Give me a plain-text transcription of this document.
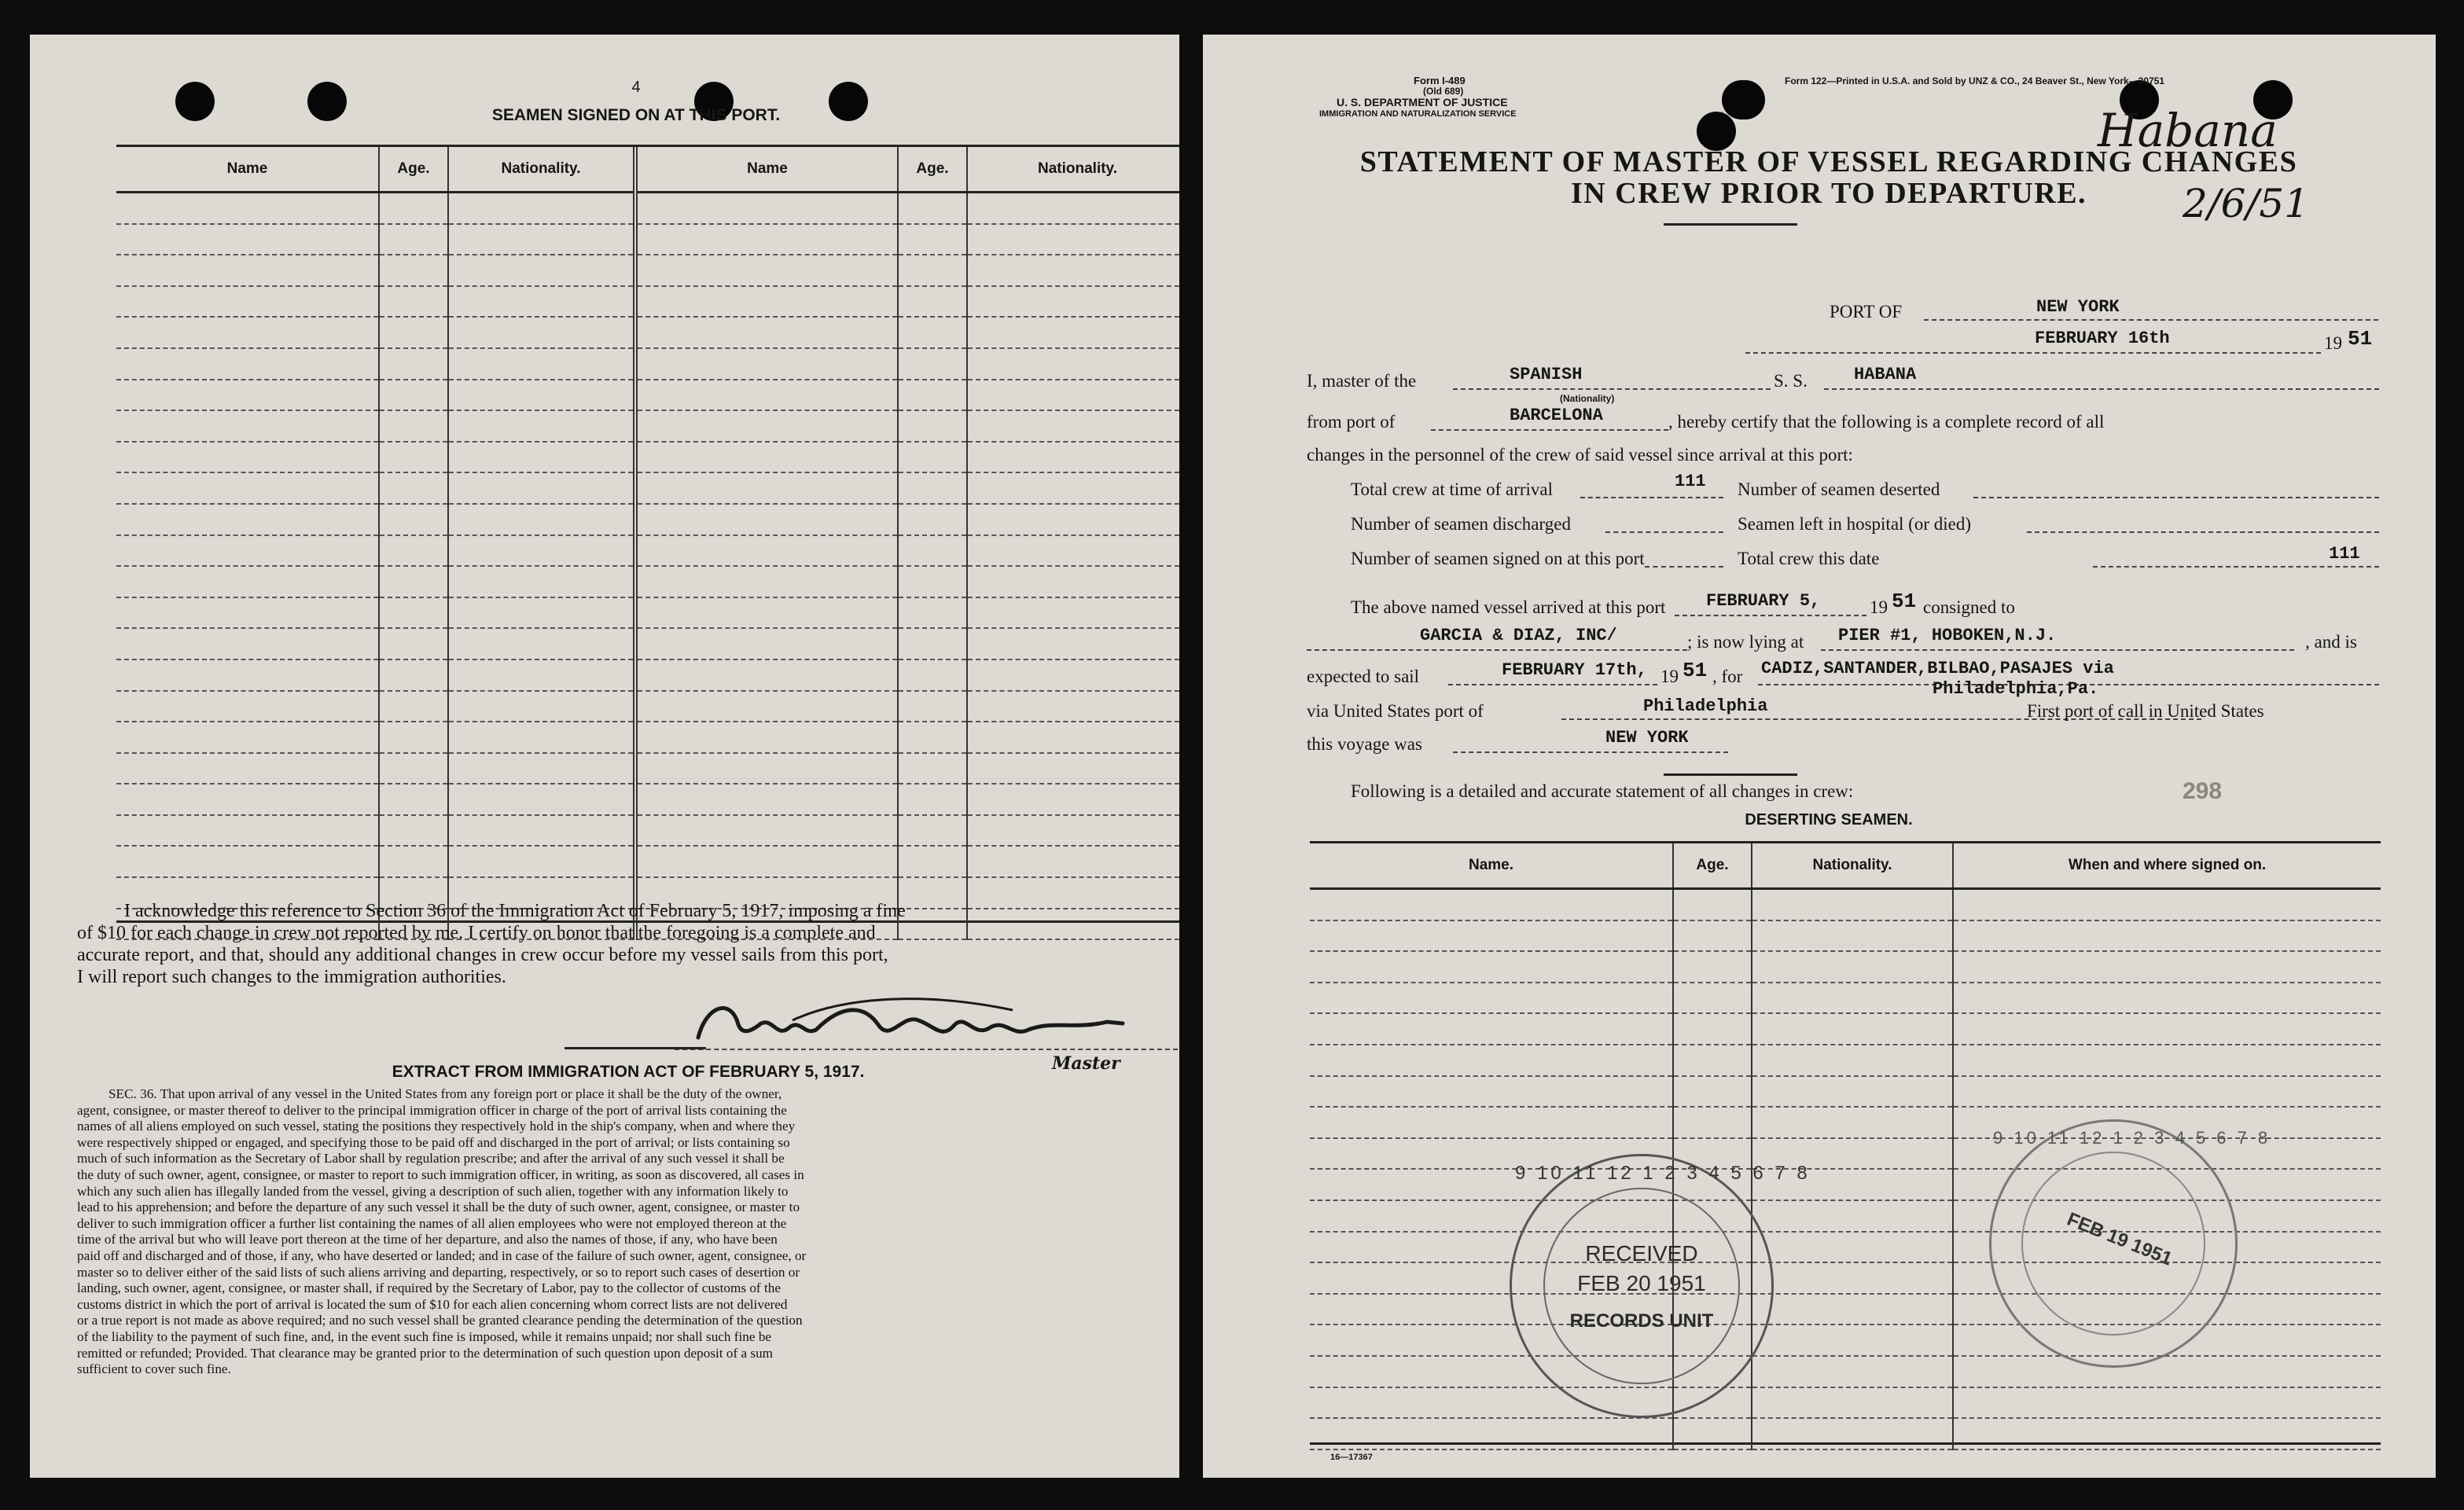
4
SEAMEN SIGNED ON AT THIS PORT.
Name	Age.	Nationality.	Name	Age.	Nationality.

I acknowledge this reference to Section 36 of the Immigration Act of February 5, 1917, imposing a fine
of $10 for each change in crew not reported by me. I certify on honor that the foregoing is a complete and
accurate report, and that, should any additional changes in crew occur before my vessel sails from this port,
I will report such changes to the immigration authorities.
Master
EXTRACT FROM IMMIGRATION ACT OF FEBRUARY 5, 1917.
SEC. 36. That upon arrival of any vessel in the United States from any foreign port or place it shall be the duty of the owner,
agent, consignee, or master thereof to deliver to the principal immigration officer in charge of the port of arrival lists containing the
names of all aliens employed on such vessel, stating the positions they respectively hold in the ship's company, when and where they
were respectively shipped or engaged, and specifying those to be paid off and discharged in the port of arrival; or lists containing so
much of such information as the Secretary of Labor shall by regulation prescribe; and after the arrival of any such vessel it shall be
the duty of such owner, agent, consignee, or master to report to such immigration officer, in writing, as soon as discovered, all cases in
which any such alien has illegally landed from the vessel, giving a description of such alien, together with any information likely to
lead to his apprehension; and before the departure of any such vessel it shall be the duty of such owner, agent, consignee, or master to
deliver to such immigration officer a further list containing the names of all alien employees who were not employed thereon at the
time of the arrival but who will leave port thereon at the time of her departure, and also the names of those, if any, who have been
paid off and discharged and of those, if any, who have deserted or landed; and in case of the failure of such owner, agent, consignee, or
master so to deliver either of the said lists of such aliens arriving and departing, respectively, or so to report such cases of desertion or
landing, such owner, agent, consignee, or master shall, if required by the Secretary of Labor, pay to the collector of customs of the
customs district in which the port of arrival is located the sum of $10 for each alien concerning whom correct lists are not delivered
or a true report is not made as above required; and no such vessel shall be granted clearance pending the determination of the question
of the liability to the payment of such fine, and, in the event such fine is imposed, while it remains unpaid; nor shall such fine be
remitted or refunded; Provided. That clearance may be granted prior to the determination of such question upon deposit of a sum
sufficient to cover such fine.
Form I-489
(Old 689)
U. S. DEPARTMENT OF JUSTICE
IMMIGRATION AND NATURALIZATION SERVICE
Form 122—Printed in U.S.A. and Sold by UNZ & CO., 24 Beaver St., New York—30751
STATEMENT OF MASTER OF VESSEL REGARDING CHANGES
IN CREW PRIOR TO DEPARTURE.
Habana
2/6/51
PORT OF	NEW YORK
FEBRUARY 16th	19 51
I, master of the	SPANISH
(Nationality)
S. S.	HABANA
from port of	BARCELONA	, hereby certify that the following is a complete record of all
changes in the personnel of the crew of said vessel since arrival at this port:
Total crew at time of arrival	111 Number of seamen deserted
Number of seamen discharged	Seamen left in hospital (or died)
Number of seamen signed on at this port	Total crew this date	111
The above named vessel arrived at this port FEBRUARY 5,	19 51 consigned to
GARCIA & DIAZ, INC/	; is now lying at PIER #1, HOBOKEN,N.J.	, and is
expected to sail	FEBRUARY 17th, 19 51 , for CADIZ,SANTANDER,BILBAO,PASAJES via
Philadelphia,Pa.
via United States port of	Philadelphia	First port of call in United States
this voyage was	NEW YORK
Following is a detailed and accurate statement of all changes in crew:	298
DESERTING SEAMEN.
Name.	Age.	Nationality.	When and where signed on.

9 10 11 12 1 2 3 4 5 6 7 8
RECEIVED
FEB 20 1951
RECORDS UNIT
9 10 11 12 1 2 3 4 5 6 7 8
FEB 19 1951
16—17367
